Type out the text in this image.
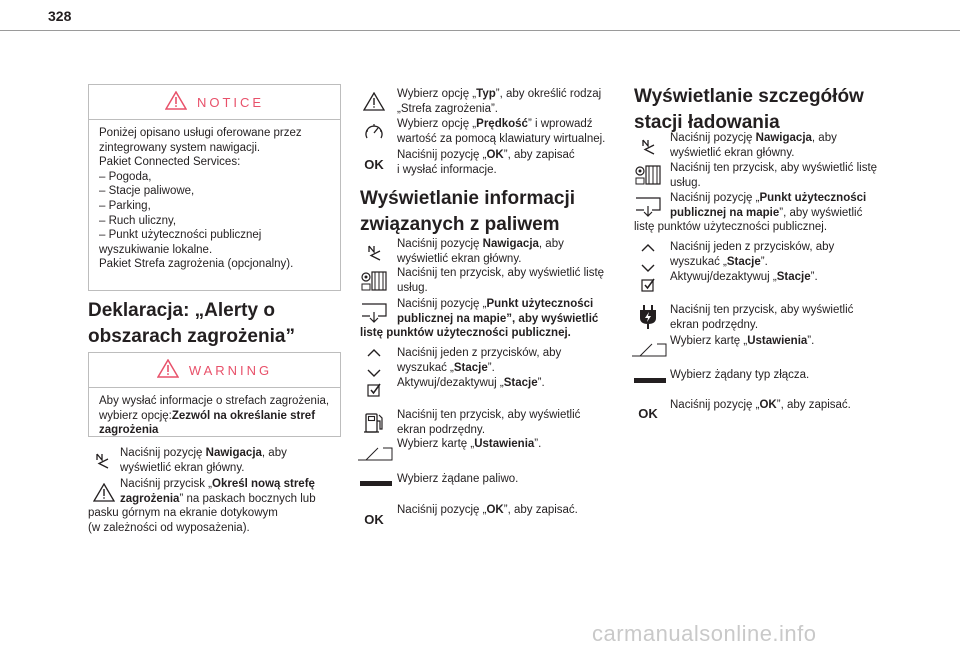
328
NOTICE
Poniżej opisano usługi oferowane przez
zintegrowany system nawigacji.
Pakiet Connected Services:
– Pogoda,
– Stacje paliwowe,
– Parking,
– Ruch uliczny,
– Punkt użyteczności publicznej
wyszukiwanie lokalne.
Pakiet Strefa zagrożenia (opcjonalny).
Deklaracja: „Alerty o
obszarach zagrożenia”
WARNING
Aby wysłać informacje o strefach zagrożenia,
wybierz opcję:Zezwól na określanie stref
zagrożenia
Naciśnij pozycję Nawigacja, aby
wyświetlić ekran główny.
Naciśnij przycisk „Określ nową strefę
zagrożenia” na paskach bocznych lub
pasku górnym na ekranie dotykowym
(w zależności od wyposażenia).
Wybierz opcję „Typ”, aby określić rodzaj
„Strefa zagrożenia”.
Wybierz opcję „Prędkość” i wprowadź
wartość za pomocą klawiatury wirtualnej.
OK
Naciśnij pozycję „OK”, aby zapisać
i wysłać informacje.
Wyświetlanie informacji
związanych z paliwem
Naciśnij pozycję Nawigacja, aby
wyświetlić ekran główny.
Naciśnij ten przycisk, aby wyświetlić listę
usług.
Naciśnij pozycję „Punkt użyteczności
publicznej na mapie”, aby wyświetlić
listę punktów użyteczności publicznej.
Naciśnij jeden z przycisków, aby
wyszukać „Stacje”.
Aktywuj/dezaktywuj „Stacje”.
Naciśnij ten przycisk, aby wyświetlić
ekran podrzędny.
Wybierz kartę „Ustawienia”.
Wybierz żądane paliwo.
OK
Naciśnij pozycję „OK”, aby zapisać.
Wyświetlanie szczegółów
stacji ładowania
Naciśnij pozycję Nawigacja, aby
wyświetlić ekran główny.
Naciśnij ten przycisk, aby wyświetlić listę
usług.
Naciśnij pozycję „Punkt użyteczności
publicznej na mapie”, aby wyświetlić
listę punktów użyteczności publicznej.
Naciśnij jeden z przycisków, aby
wyszukać „Stacje”.
Aktywuj/dezaktywuj „Stacje”.
Naciśnij ten przycisk, aby wyświetlić
ekran podrzędny.
Wybierz kartę „Ustawienia”.
Wybierz żądany typ złącza.
OK
Naciśnij pozycję „OK”, aby zapisać.
carmanualsonline.info
